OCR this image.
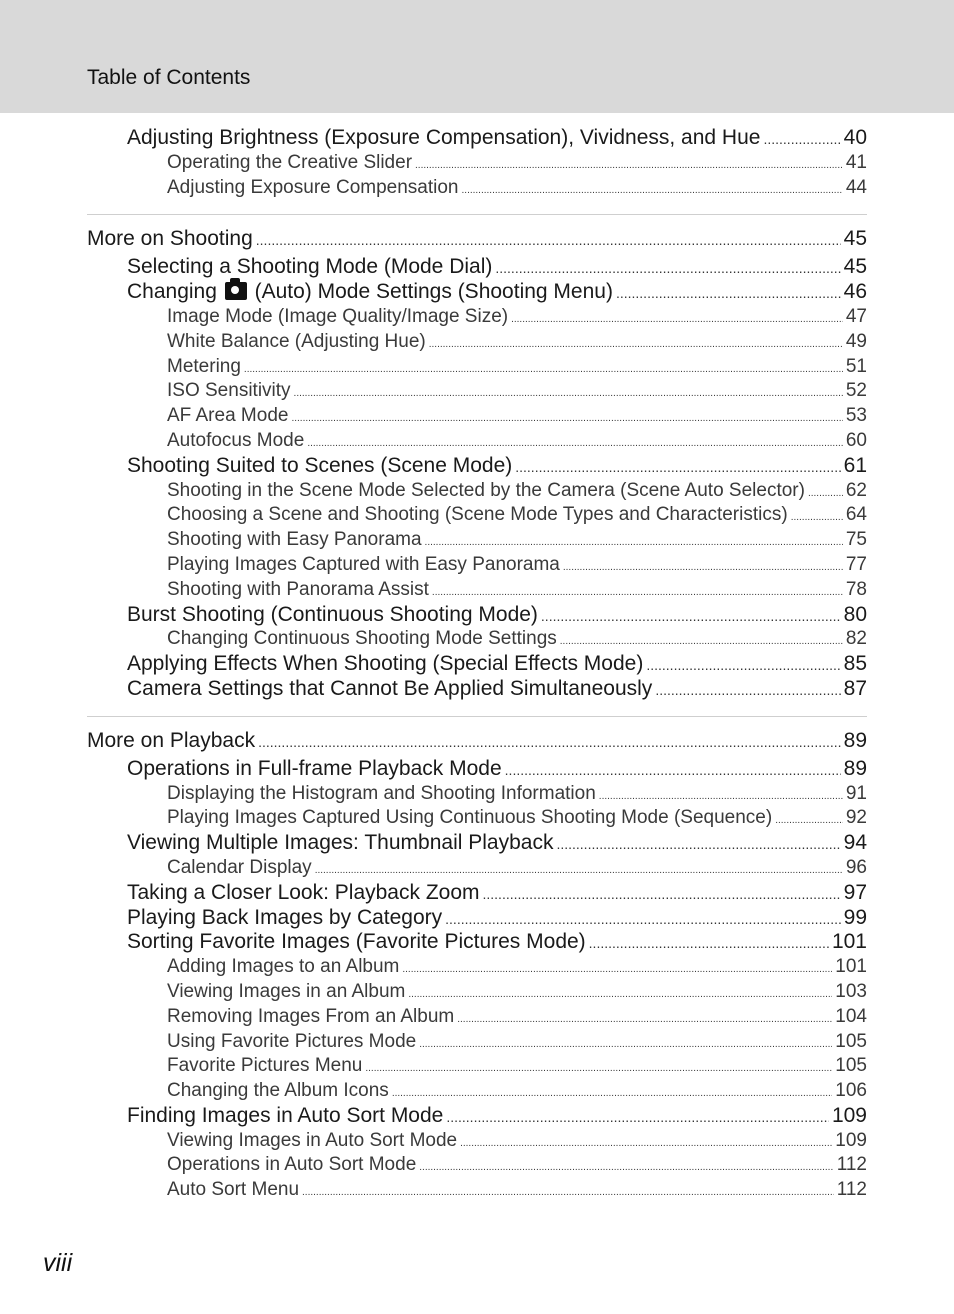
Table of Contents
Adjusting Brightness (Exposure Compensation), Vividness, and Hue .....	40
Operating the Creative Slider .....	41
Adjusting Exposure Compensation .....	44
More on Shooting .....	45
Selecting a Shooting Mode (Mode Dial) .....	45
Changing (Auto) Mode Settings (Shooting Menu) .....	46
Image Mode (Image Quality/Image Size) .....	47
White Balance (Adjusting Hue) .....	49
Metering .....	51
ISO Sensitivity .....	52
AF Area Mode .....	53
Autofocus Mode .....	60
Shooting Suited to Scenes (Scene Mode) .....	61
Shooting in the Scene Mode Selected by the Camera (Scene Auto Selector) ..... 62
Choosing a Scene and Shooting (Scene Mode Types and Characteristics) .....	64
Shooting with Easy Panorama .....	75
Playing Images Captured with Easy Panorama .....	77
Shooting with Panorama Assist .....	78
Burst Shooting (Continuous Shooting Mode) .....	80
Changing Continuous Shooting Mode Settings .....	82
Applying Effects When Shooting (Special Effects Mode) .....	85
Camera Settings that Cannot Be Applied Simultaneously .....	87
More on Playback .....	89
Operations in Full-frame Playback Mode .....	89
Displaying the Histogram and Shooting Information .....	91
Playing Images Captured Using Continuous Shooting Mode (Sequence) .....	92
Viewing Multiple Images: Thumbnail Playback .....	94
Calendar Display .....	96
Taking a Closer Look: Playback Zoom .....	97
Playing Back Images by Category .....	99
Sorting Favorite Images (Favorite Pictures Mode) .....	101
Adding Images to an Album .....	101
Viewing Images in an Album .....	103
Removing Images From an Album .....	104
Using Favorite Pictures Mode .....	105
Favorite Pictures Menu .....	105
Changing the Album Icons .....	106
Finding Images in Auto Sort Mode .....	109
Viewing Images in Auto Sort Mode .....	109
Operations in Auto Sort Mode .....	112
Auto Sort Menu .....	112
viii
